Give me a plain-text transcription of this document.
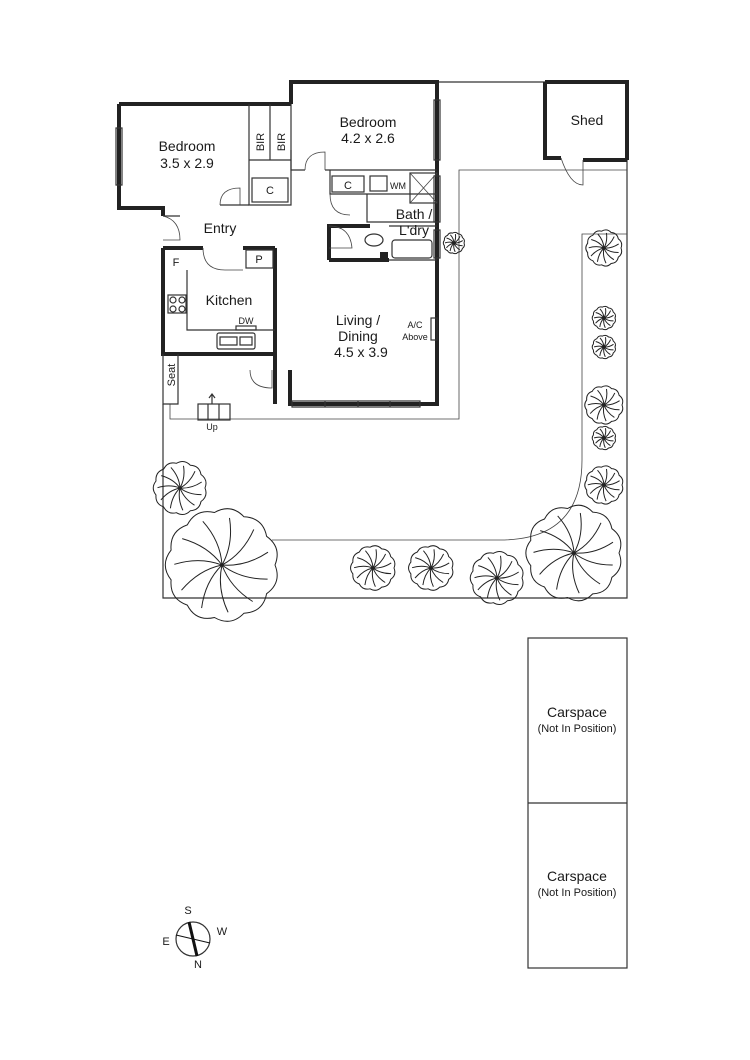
Bedroom
3.5 x 2.9
Bedroom
4.2 x 2.6
Shed
Entry
Bath /
L'dry
Kitchen
Living /
Dining
4.5 x 3.9
BIR BIR
C	C	WM
P
F
DW	A/C
Above
Seat
Up
Carspace
(Not In Position)
Carspace
(Not In Position)
S
W
E
N
